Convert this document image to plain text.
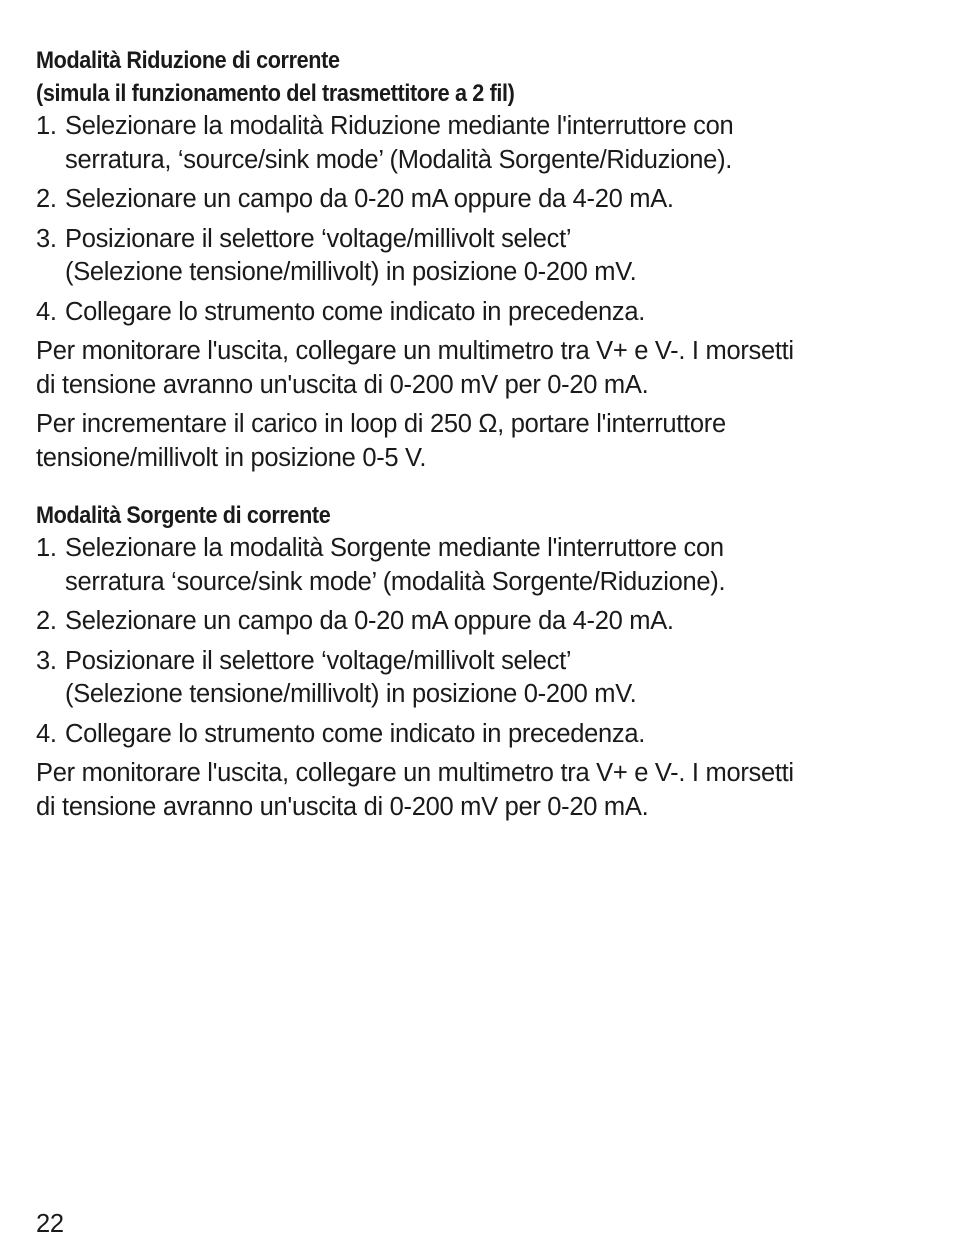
Modalità Riduzione di corrente
(simula il funzionamento del trasmettitore a 2 fil)
1. Selezionare la modalità Riduzione mediante l'interruttore con
serratura, ‘source/sink mode’ (Modalità Sorgente/Riduzione).
2. Selezionare un campo da 0-20 mA oppure da 4-20 mA.
3. Posizionare il selettore ‘voltage/millivolt select’
(Selezione tensione/millivolt) in posizione 0-200 mV.
4. Collegare lo strumento come indicato in precedenza.

Per monitorare l'uscita, collegare un multimetro tra V+ e V-. I morsetti
di tensione avranno un'uscita di 0-200 mV per 0-20 mA.

Per incrementare il carico in loop di 250 Ω, portare l'interruttore
tensione/millivolt in posizione 0-5 V.

Modalità Sorgente di corrente
1. Selezionare la modalità Sorgente mediante l'interruttore con
serratura ‘source/sink mode’ (modalità Sorgente/Riduzione).
2. Selezionare un campo da 0-20 mA oppure da 4-20 mA.
3. Posizionare il selettore ‘voltage/millivolt select’
(Selezione tensione/millivolt) in posizione 0-200 mV.
4. Collegare lo strumento come indicato in precedenza.

Per monitorare l'uscita, collegare un multimetro tra V+ e V-. I morsetti
di tensione avranno un'uscita di 0-200 mV per 0-20 mA.

22
